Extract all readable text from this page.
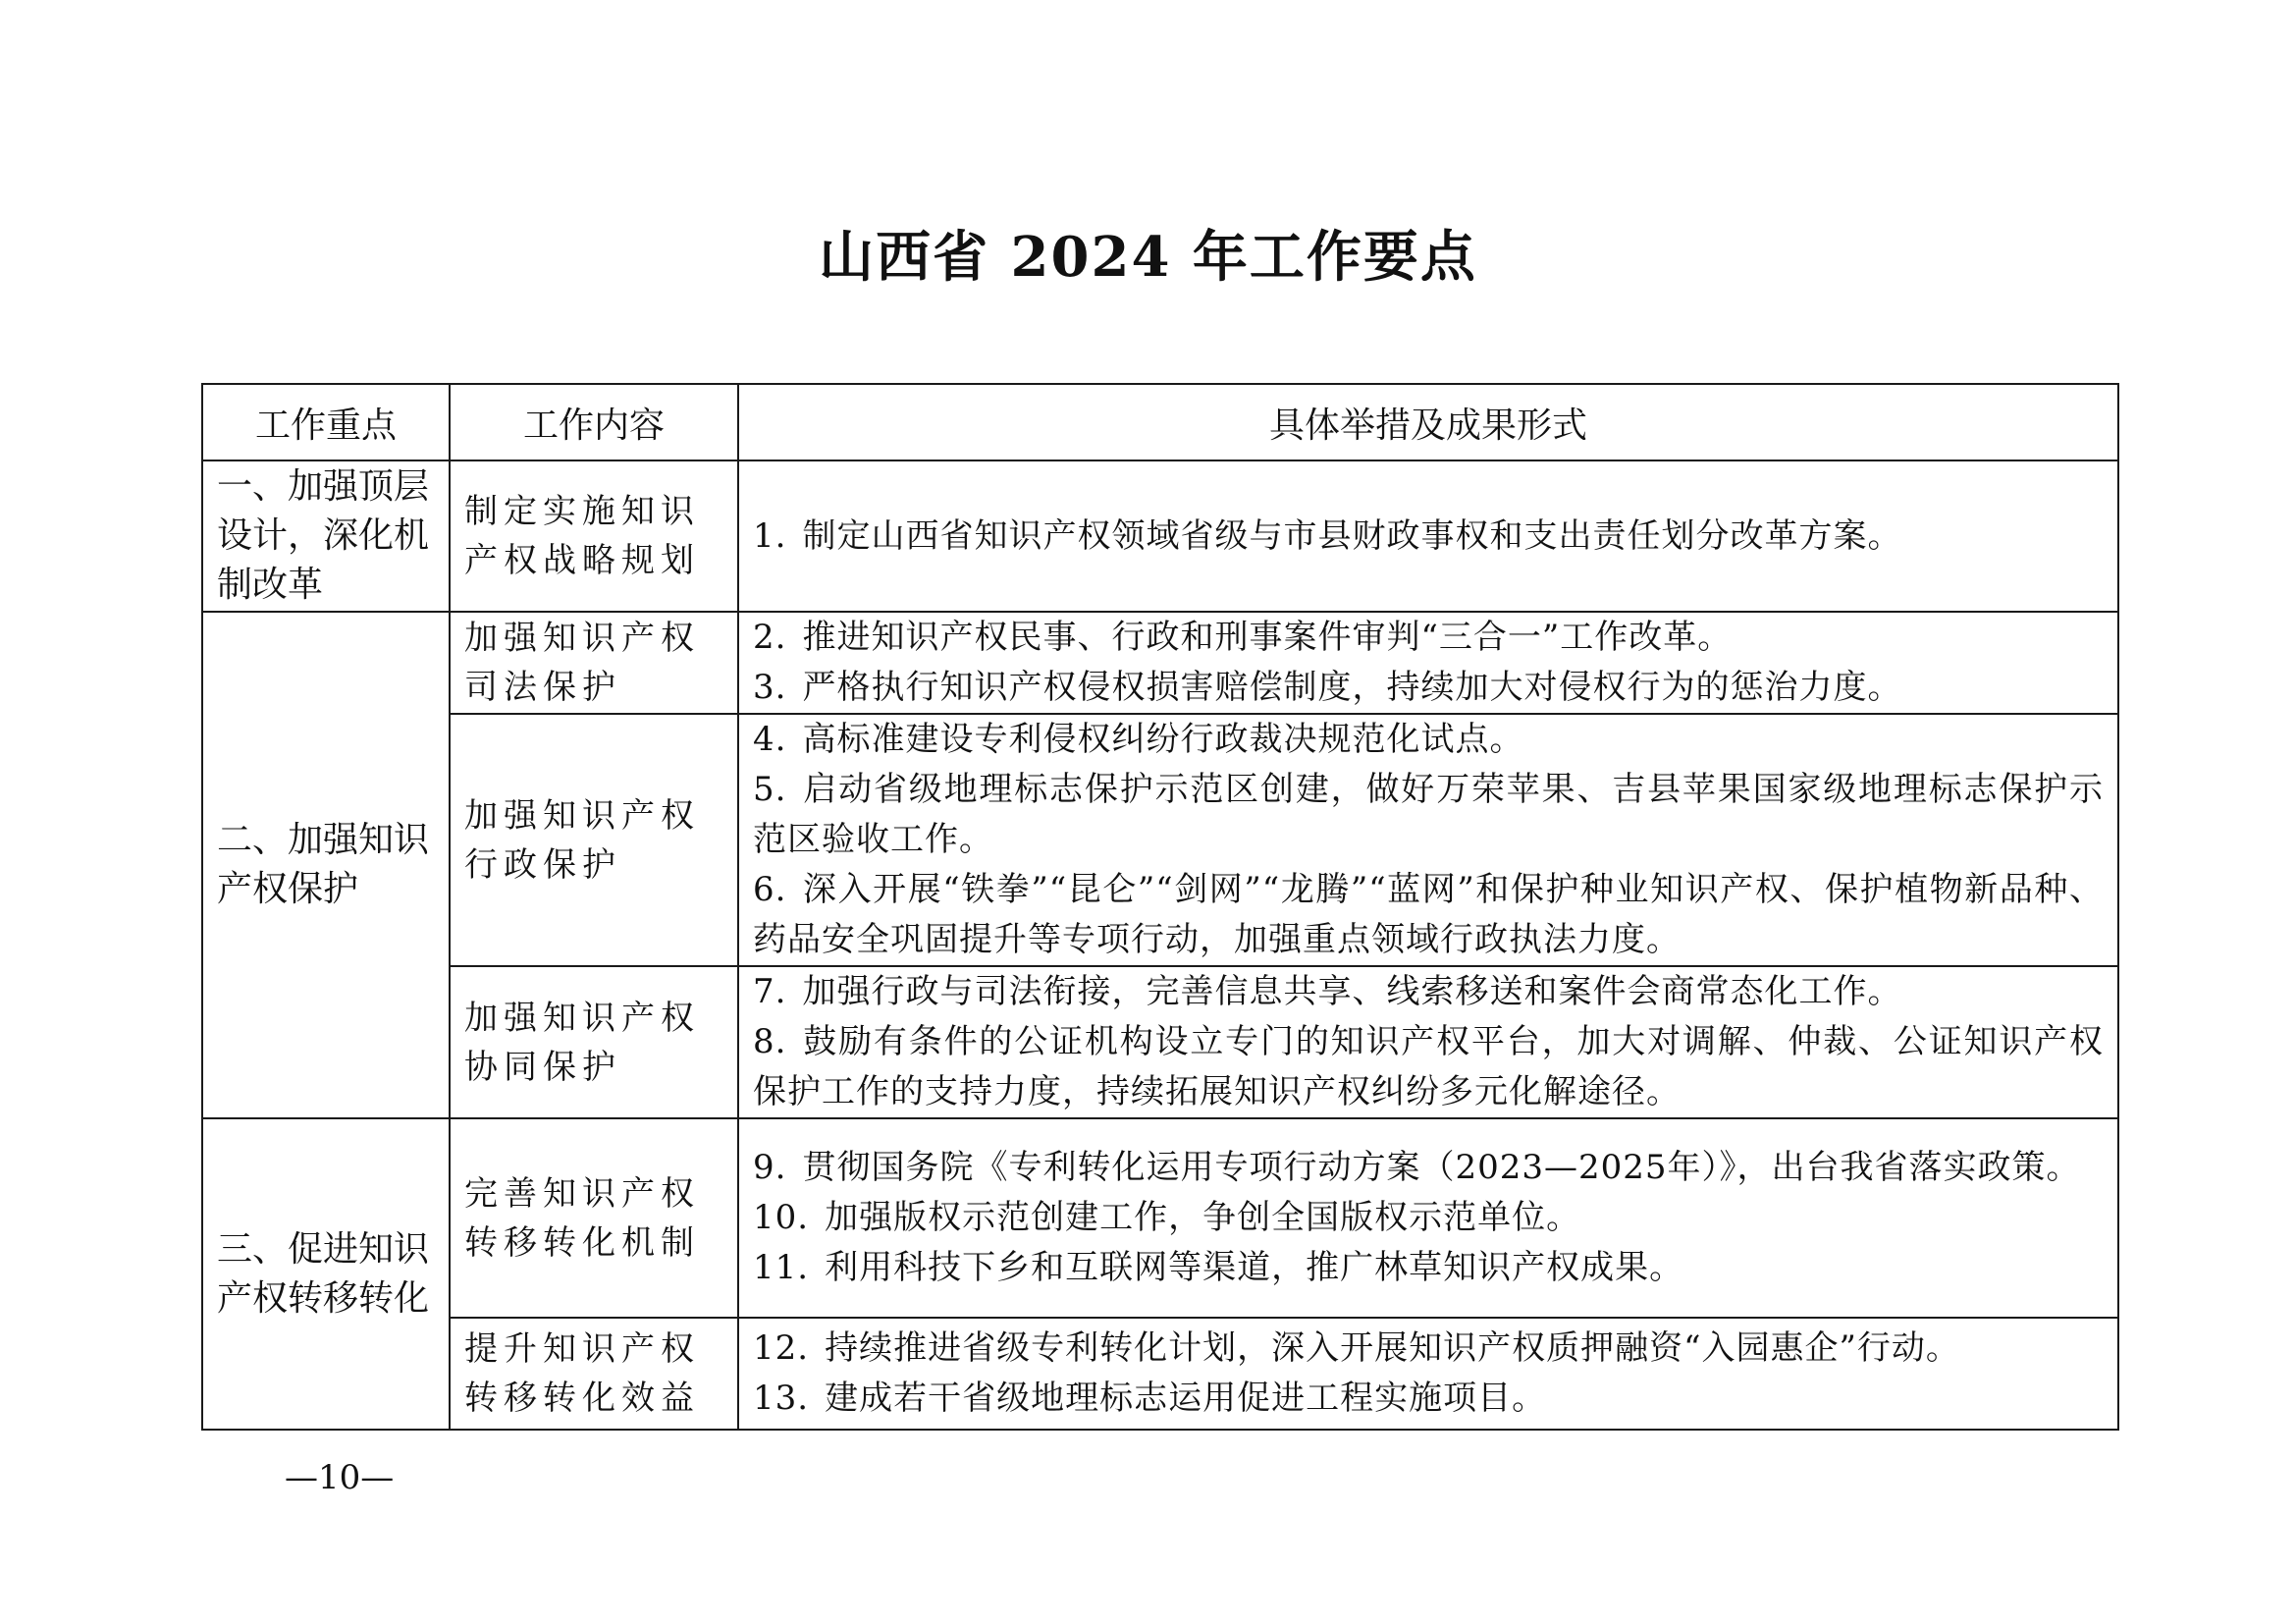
山西省 2024 年工作要点
工作重点	工作内容	具体举措及成果形式
一、加强顶层设计，深化机制改革	制定实施知识产权战略规划	1. 制定山西省知识产权领域省级与市县财政事权和支出责任划分改革方案。

二、加强知识产权保护	加强知识产权司法保护	2. 推进知识产权民事、行政和刑事案件审判“三合一”工作改革。
3. 严格执行知识产权侵权损害赔偿制度，持续加大对侵权行为的惩治力度。

	加强知识产权行政保护	4. 高标准建设专利侵权纠纷行政裁决规范化试点。
5. 启动省级地理标志保护示范区创建，做好万荣苹果、吉县苹果国家级地理标志保护示范区验收工作。
6. 深入开展“铁拳”“昆仑”“剑网”“龙腾”“蓝网”和保护种业知识产权、保护植物新品种、药品安全巩固提升等专项行动，加强重点领域行政执法力度。

	加强知识产权协同保护	7. 加强行政与司法衔接，完善信息共享、线索移送和案件会商常态化工作。
8. 鼓励有条件的公证机构设立专门的知识产权平台，加大对调解、仲裁、公证知识产权保护工作的支持力度，持续拓展知识产权纠纷多元化解途径。

三、促进知识产权转移转化	完善知识产权转移转化机制	9. 贯彻国务院《专利转化运用专项行动方案（2023—2025年）》，出台我省落实政策。
10. 加强版权示范创建工作，争创全国版权示范单位。
11. 利用科技下乡和互联网等渠道，推广林草知识产权成果。

	提升知识产权转移转化效益	12. 持续推进省级专利转化计划，深入开展知识产权质押融资“入园惠企”行动。
13. 建成若干省级地理标志运用促进工程实施项目。
—10—
